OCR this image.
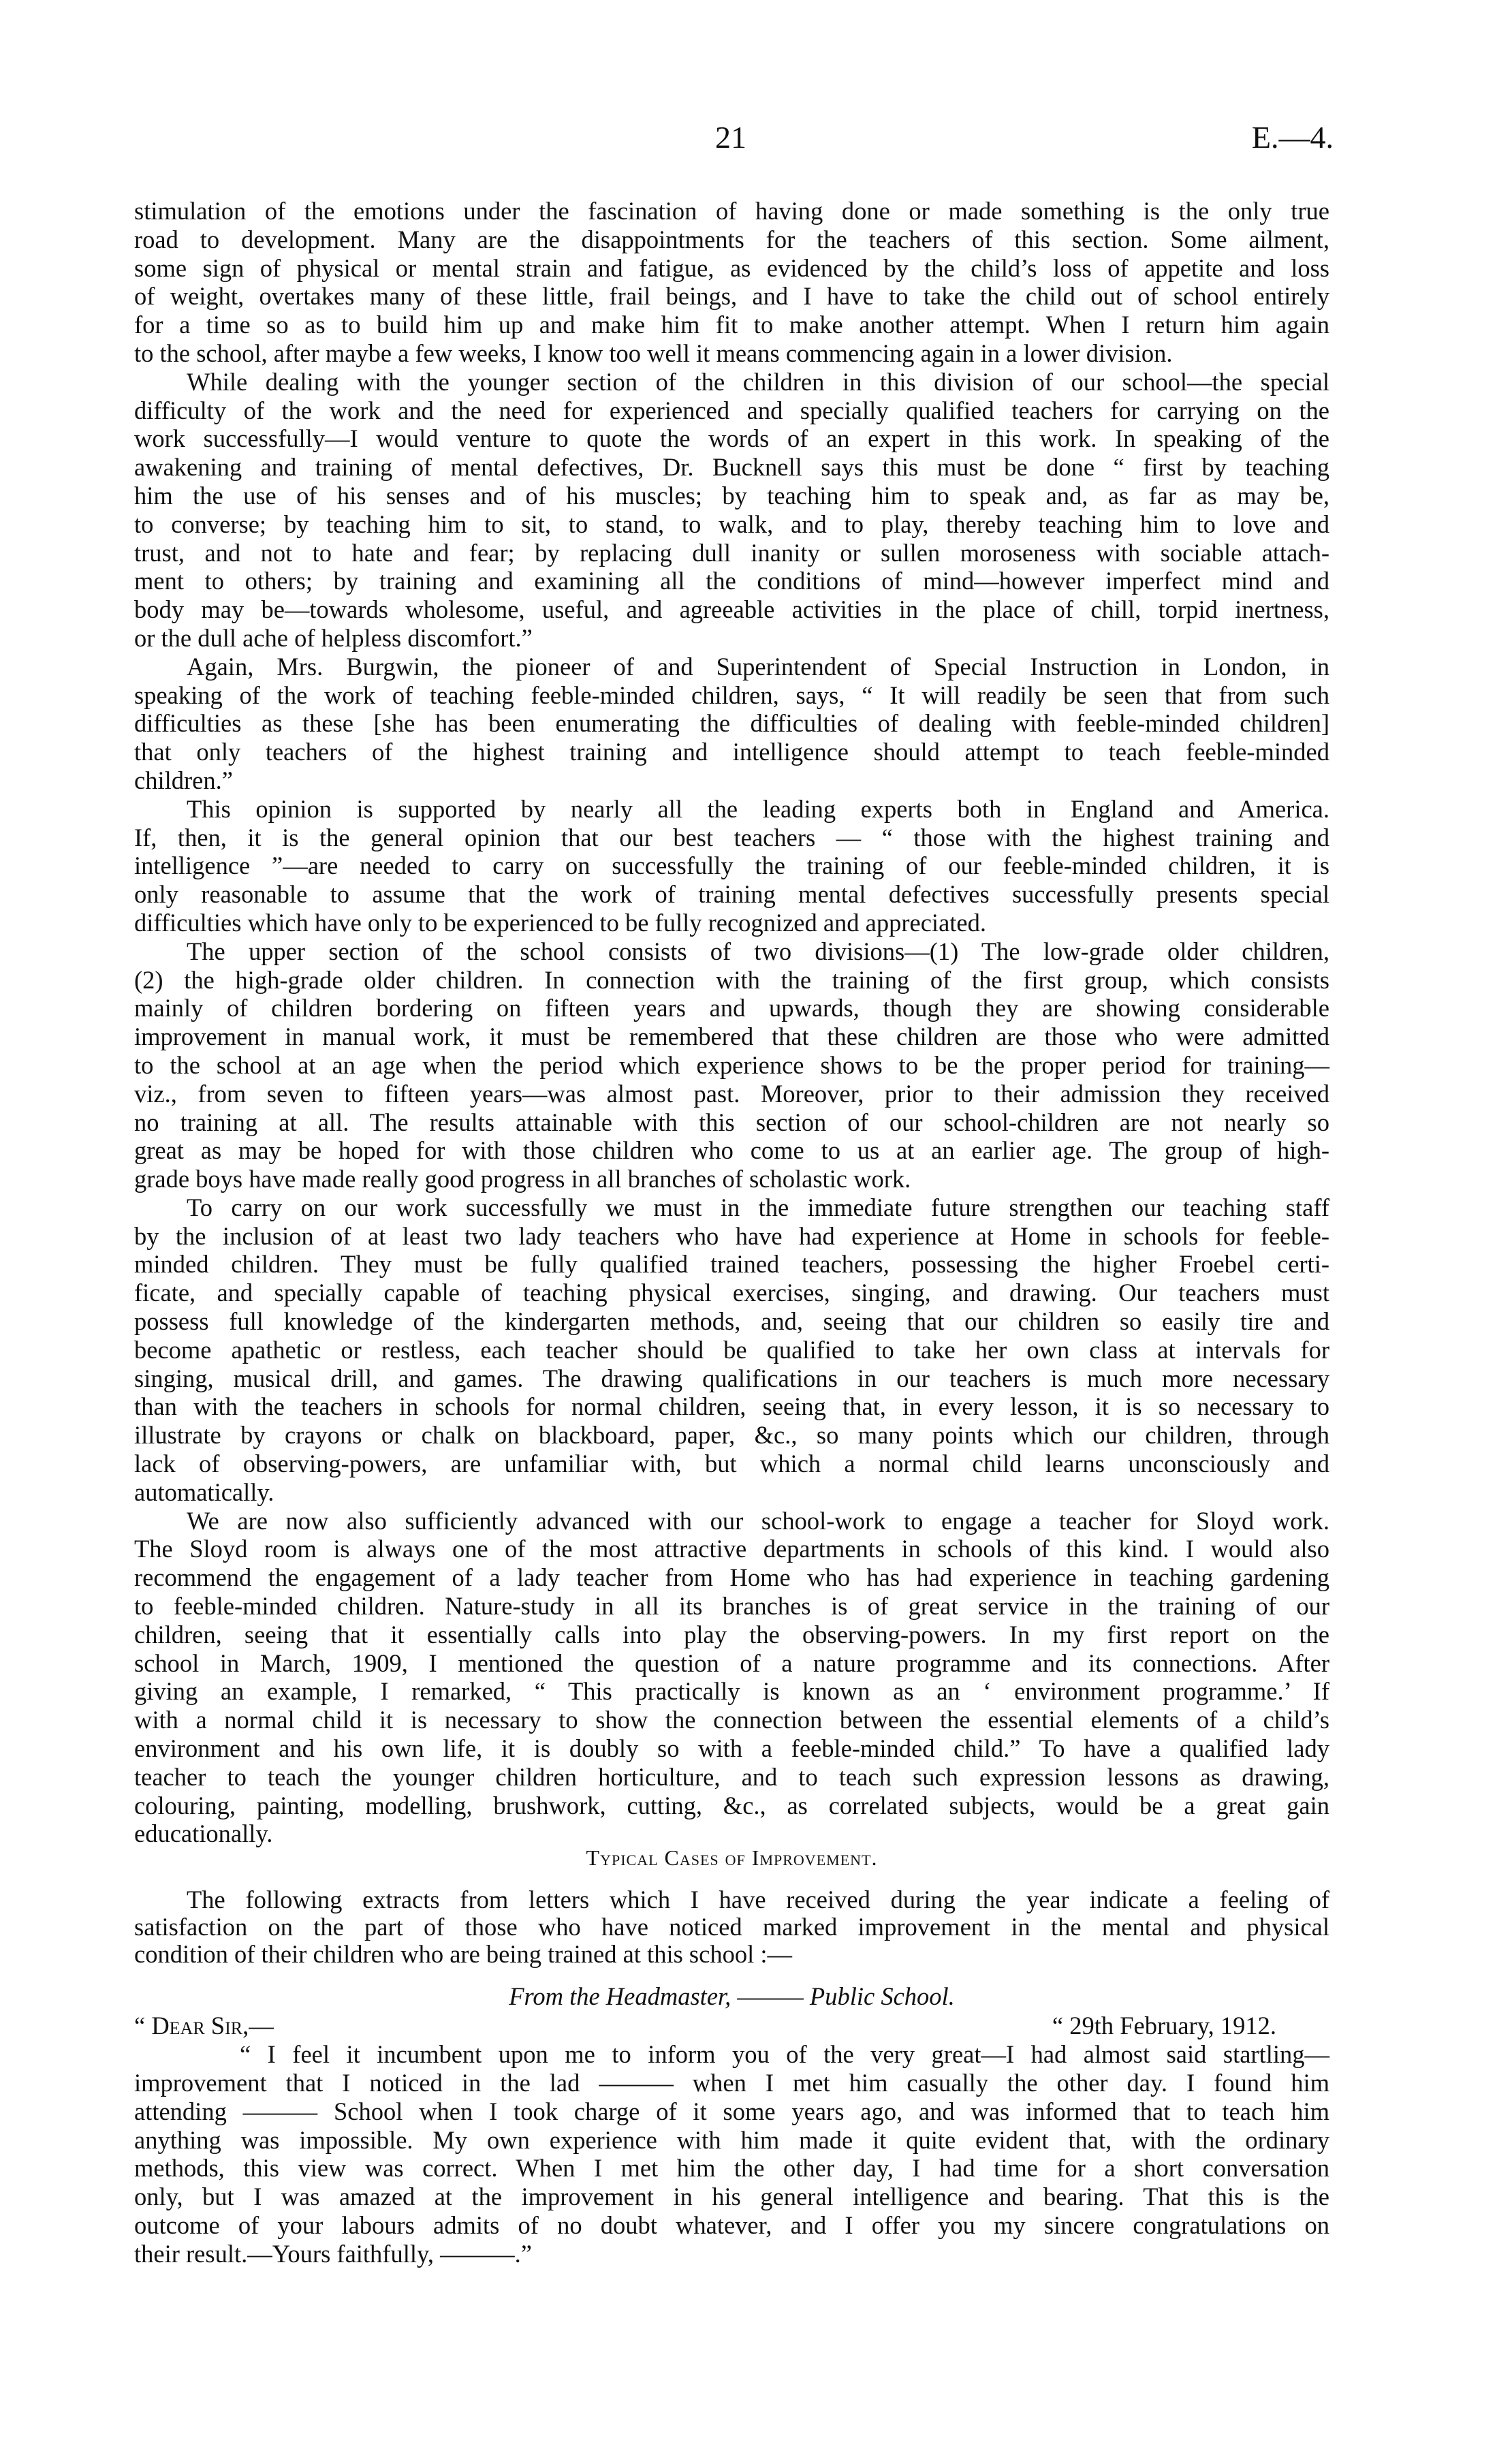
21	E.—4.
stimulation of the emotions under the fascination of having done or made something is the only true
road to development. Many are the disappointments for the teachers of this section. Some ailment,
some sign of physical or mental strain and fatigue, as evidenced by the child’s loss of appetite and loss
of weight, overtakes many of these little, frail beings, and I have to take the child out of school entirely
for a time so as to build him up and make him fit to make another attempt. When I return him again
to the school, after maybe a few weeks, I know too well it means commencing again in a lower division.
While dealing with the younger section of the children in this division of our school—the special
difficulty of the work and the need for experienced and specially qualified teachers for carrying on the
work successfully—I would venture to quote the words of an expert in this work. In speaking of the
awakening and training of mental defectives, Dr. Bucknell says this must be done “ first by teaching
him the use of his senses and of his muscles; by teaching him to speak and, as far as may be,
to converse; by teaching him to sit, to stand, to walk, and to play, thereby teaching him to love and
trust, and not to hate and fear; by replacing dull inanity or sullen moroseness with sociable attach-
ment to others; by training and examining all the conditions of mind—however imperfect mind and
body may be—towards wholesome, useful, and agreeable activities in the place of chill, torpid inertness,
or the dull ache of helpless discomfort.”
Again, Mrs. Burgwin, the pioneer of and Superintendent of Special Instruction in London, in
speaking of the work of teaching feeble-minded children, says, “ It will readily be seen that from such
difficulties as these [she has been enumerating the difficulties of dealing with feeble-minded children]
that only teachers of the highest training and intelligence should attempt to teach feeble-minded
children.”
This opinion is supported by nearly all the leading experts both in England and America.
If, then, it is the general opinion that our best teachers — “ those with the highest training and
intelligence ”—are needed to carry on successfully the training of our feeble-minded children, it is
only reasonable to assume that the work of training mental defectives successfully presents special
difficulties which have only to be experienced to be fully recognized and appreciated.
The upper section of the school consists of two divisions—(1) The low-grade older children,
(2) the high-grade older children. In connection with the training of the first group, which consists
mainly of children bordering on fifteen years and upwards, though they are showing considerable
improvement in manual work, it must be remembered that these children are those who were admitted
to the school at an age when the period which experience shows to be the proper period for training—
viz., from seven to fifteen years—was almost past. Moreover, prior to their admission they received
no training at all. The results attainable with this section of our school-children are not nearly so
great as may be hoped for with those children who come to us at an earlier age. The group of high-
grade boys have made really good progress in all branches of scholastic work.
To carry on our work successfully we must in the immediate future strengthen our teaching staff
by the inclusion of at least two lady teachers who have had experience at Home in schools for feeble-
minded children. They must be fully qualified trained teachers, possessing the higher Froebel certi-
ficate, and specially capable of teaching physical exercises, singing, and drawing. Our teachers must
possess full knowledge of the kindergarten methods, and, seeing that our children so easily tire and
become apathetic or restless, each teacher should be qualified to take her own class at intervals for
singing, musical drill, and games. The drawing qualifications in our teachers is much more necessary
than with the teachers in schools for normal children, seeing that, in every lesson, it is so necessary to
illustrate by crayons or chalk on blackboard, paper, &c., so many points which our children, through
lack of observing-powers, are unfamiliar with, but which a normal child learns unconsciously and
automatically.
We are now also sufficiently advanced with our school-work to engage a teacher for Sloyd work.
The Sloyd room is always one of the most attractive departments in schools of this kind. I would also
recommend the engagement of a lady teacher from Home who has had experience in teaching gardening
to feeble-minded children. Nature-study in all its branches is of great service in the training of our
children, seeing that it essentially calls into play the observing-powers. In my first report on the
school in March, 1909, I mentioned the question of a nature programme and its connections. After
giving an example, I remarked, “ This practically is known as an ‘ environment programme.’ If
with a normal child it is necessary to show the connection between the essential elements of a child’s
environment and his own life, it is doubly so with a feeble-minded child.” To have a qualified lady
teacher to teach the younger children horticulture, and to teach such expression lessons as drawing,
colouring, painting, modelling, brushwork, cutting, &c., as correlated subjects, would be a great gain
educationally.
Typical Cases of Improvement.
The following extracts from letters which I have received during the year indicate a feeling of
satisfaction on the part of those who have noticed marked improvement in the mental and physical
condition of their children who are being trained at this school :—
From the Headmaster, ——— Public School.
“ Dear Sir,—	“ 29th February, 1912.
“ I feel it incumbent upon me to inform you of the very great—I had almost said startling—
improvement that I noticed in the lad ——— when I met him casually the other day. I found him
attending ——— School when I took charge of it some years ago, and was informed that to teach him
anything was impossible. My own experience with him made it quite evident that, with the ordinary
methods, this view was correct. When I met him the other day, I had time for a short conversation
only, but I was amazed at the improvement in his general intelligence and bearing. That this is the
outcome of your labours admits of no doubt whatever, and I offer you my sincere congratulations on
their result.—Yours faithfully, ———.”
